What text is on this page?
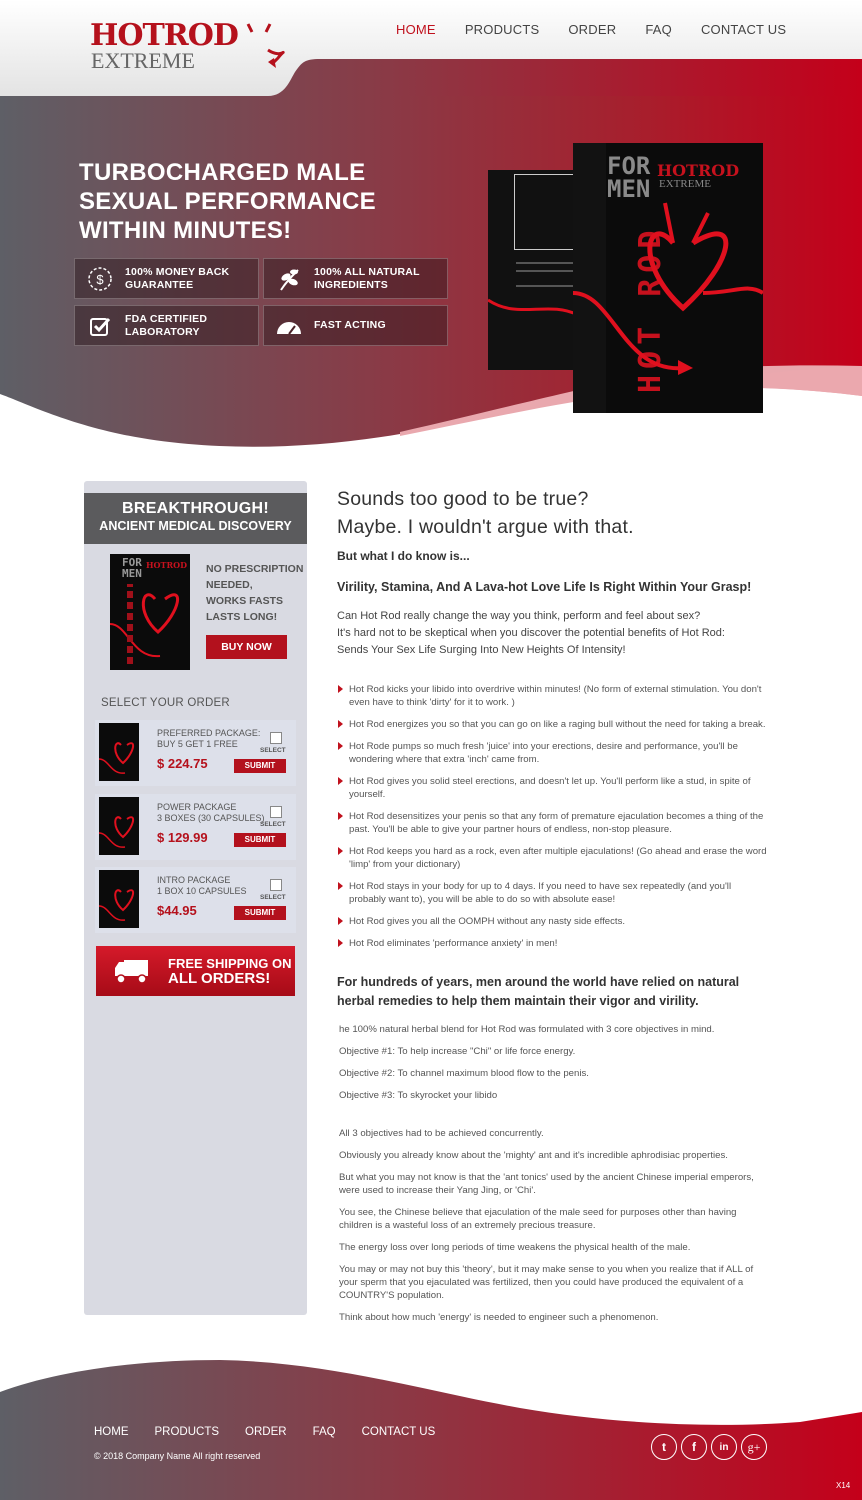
HOTROD
EXTREME
HOME PRODUCTS ORDER FAQ CONTACT US
TURBOCHARGED MALE
SEXUAL PERFORMANCE
WITHIN MINUTES!
$ 100% MONEY BACK
GUARANTEE
100% ALL NATURAL
INGREDIENTS
FDA CERTIFIED
LABORATORY
FAST ACTING
FOR
MEN
HOTROD
EXTREME
HOT ROD
BREAKTHROUGH!
ANCIENT MEDICAL DISCOVERY
FOR
MEN
HOTROD NO PRESCRIPTION
NEEDED,
WORKS FASTS
LASTS LONG!
BUY NOW
SELECT YOUR ORDER
PREFERRED PACKAGE:
BUY 5 GET 1 FREE
$ 224.75
SELECT
SUBMIT
POWER PACKAGE
3 BOXES (30 CAPSULES)
$ 129.99
SELECT
SUBMIT
INTRO PACKAGE
1 BOX 10 CAPSULES
$44.95
SELECT
SUBMIT
FREE SHIPPING ON
ALL ORDERS!
Sounds too good to be true?
Maybe. I wouldn't argue with that.
But what I do know is...
Virility, Stamina, And A Lava-hot Love Life Is Right Within Your Grasp!
Can Hot Rod really change the way you think, perform and feel about sex?
It's hard not to be skeptical when you discover the potential benefits of Hot Rod:
Sends Your Sex Life Surging Into New Heights Of Intensity!
Hot Rod kicks your libido into overdrive within minutes! (No form of external stimulation. You don't even have to think 'dirty' for it to work. )
Hot Rod energizes you so that you can go on like a raging bull without the need for taking a break.
Hot Rode pumps so much fresh 'juice' into your erections, desire and performance, you'll be wondering where that extra 'inch' came from.
Hot Rod gives you solid steel erections, and doesn't let up. You'll perform like a stud, in spite of yourself.
Hot Rod desensitizes your penis so that any form of premature ejaculation becomes a thing of the past. You'll be able to give your partner hours of endless, non-stop pleasure.
Hot Rod keeps you hard as a rock, even after multiple ejaculations! (Go ahead and erase the word 'limp' from your dictionary)
Hot Rod stays in your body for up to 4 days. If you need to have sex repeatedly (and you'll probably want to), you will be able to do so with absolute ease!
Hot Rod gives you all the OOMPH without any nasty side effects.
Hot Rod eliminates 'performance anxiety' in men!
For hundreds of years, men around the world have relied on natural herbal remedies to help them maintain their vigor and virility.
he 100% natural herbal blend for Hot Rod was formulated with 3 core objectives in mind.
Objective #1: To help increase "Chi" or life force energy.
Objective #2: To channel maximum blood flow to the penis.
Objective #3: To skyrocket your libido
All 3 objectives had to be achieved concurrently.
Obviously you already know about the 'mighty' ant and it's incredible aphrodisiac properties.
But what you may not know is that the 'ant tonics' used by the ancient Chinese imperial emperors, were used to increase their Yang Jing, or 'Chi'.
You see, the Chinese believe that ejaculation of the male seed for purposes other than having children is a wasteful loss of an extremely precious treasure.
The energy loss over long periods of time weakens the physical health of the male.
You may or may not buy this 'theory', but it may make sense to you when you realize that if ALL of your sperm that you ejaculated was fertilized, then you could have produced the equivalent of a COUNTRY'S population.
Think about how much 'energy' is needed to engineer such a phenomenon.
HOME PRODUCTS ORDER FAQ CONTACT US
© 2018 Company Name All right reserved
t	f	in	g+
X14
